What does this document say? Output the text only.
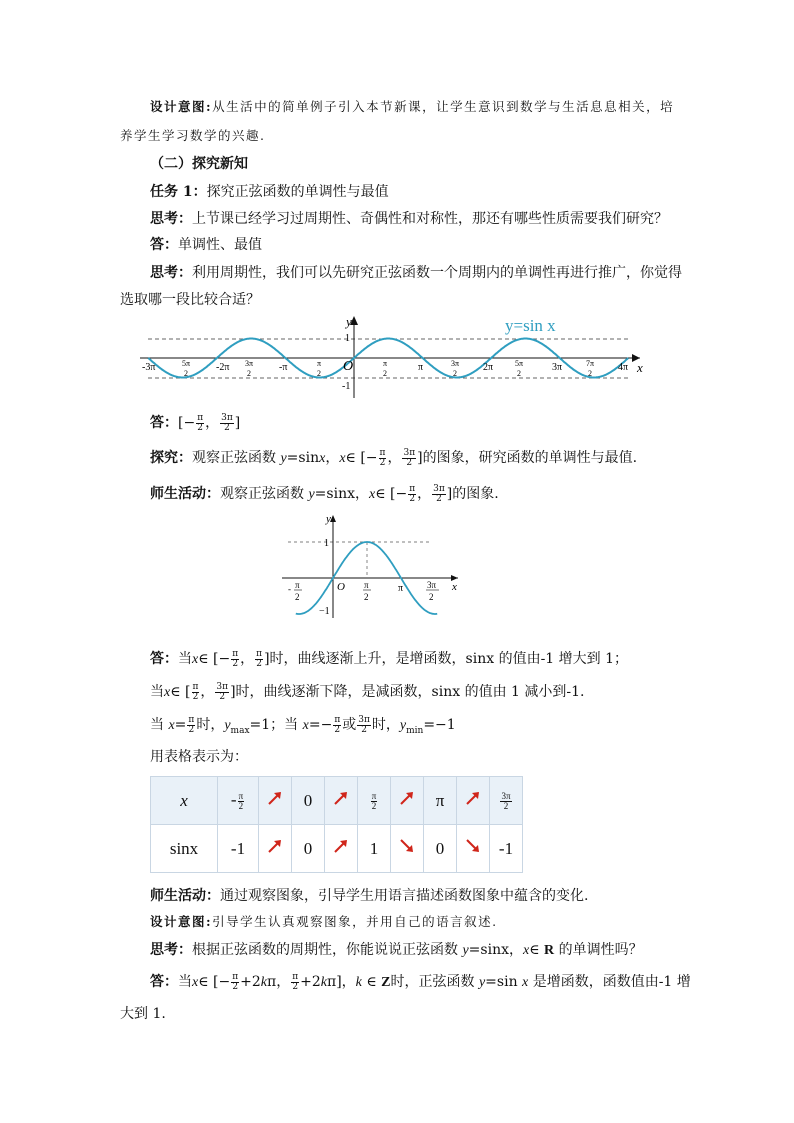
设计意图:从生活中的简单例子引入本节新课，让学生意识到数学与生活息息相关，培
养学生学习数学的兴趣.
（二）探究新知
任务 1：探究正弦函数的单调性与最值
思考：上节课已经学习过周期性、奇偶性和对称性，那还有哪些性质需要我们研究？
答：单调性、最值
思考：利用周期性，我们可以先研究正弦函数一个周期内的单调性再进行推广，你觉得
选取哪一段比较合适？
y
x
1
-1
O
y=sin x
-3π	5π
2
-2π 3π
2
-π	π
2
π
2
π	3π
2
2π	5π
2
3π	7π
2
4π
答：[− $\frac{\pi}{2}$ ， $\frac{3\pi}{2}$ ]
探究：观察正弦函数 y=sinx，x∈ [− $\frac{\pi}{2}$ ， $\frac{3\pi}{2}$ ]的图象，研究函数的单调性与最值.
师生活动：观察正弦函数 y=sinx，x∈ [− $\frac{\pi}{2}$ ， $\frac{3\pi}{2}$ ]的图象.
y
x
1
−1
O
- π
2
π
2
π	3π
2
答：当x∈ [− $\frac{\pi}{2}$ ， $\frac{\pi}{2}$ ]时，曲线逐渐上升，是增函数，sinx 的值由-1 增大到 1；
当x∈ [ $\frac{\pi}{2}$ ， $\frac{3\pi}{2}$ ]时，曲线逐渐下降，是减函数，sinx 的值由 1 减小到-1.
当 $x= \frac{\pi}{2}$ 时，$y_{max}=1$；当 $x=- \frac{\pi}{2}$ 或 $\frac{3\pi}{2}$ 时，$y_{min}=-1$
用表格表示为：
x	- $\frac{\pi}{2}$		0		$\frac{\pi}{2}$		π		$\frac{3\pi}{2}$

sinx	-1		0		1		0		-1
师生活动：通过观察图象，引导学生用语言描述函数图象中蕴含的变化.
设计意图:引导学生认真观察图象，并用自己的语言叙述.
思考：根据正弦函数的周期性，你能说说正弦函数 y=sinx，x∈ R 的单调性吗？
答：当x∈ [− $\frac{\pi}{2} +2k\pi$， $\frac{\pi}{2} +2k\pi$]，k ∈ Z时，正弦函数 y=sin x 是增函数，函数值由-1 增
大到 1.
